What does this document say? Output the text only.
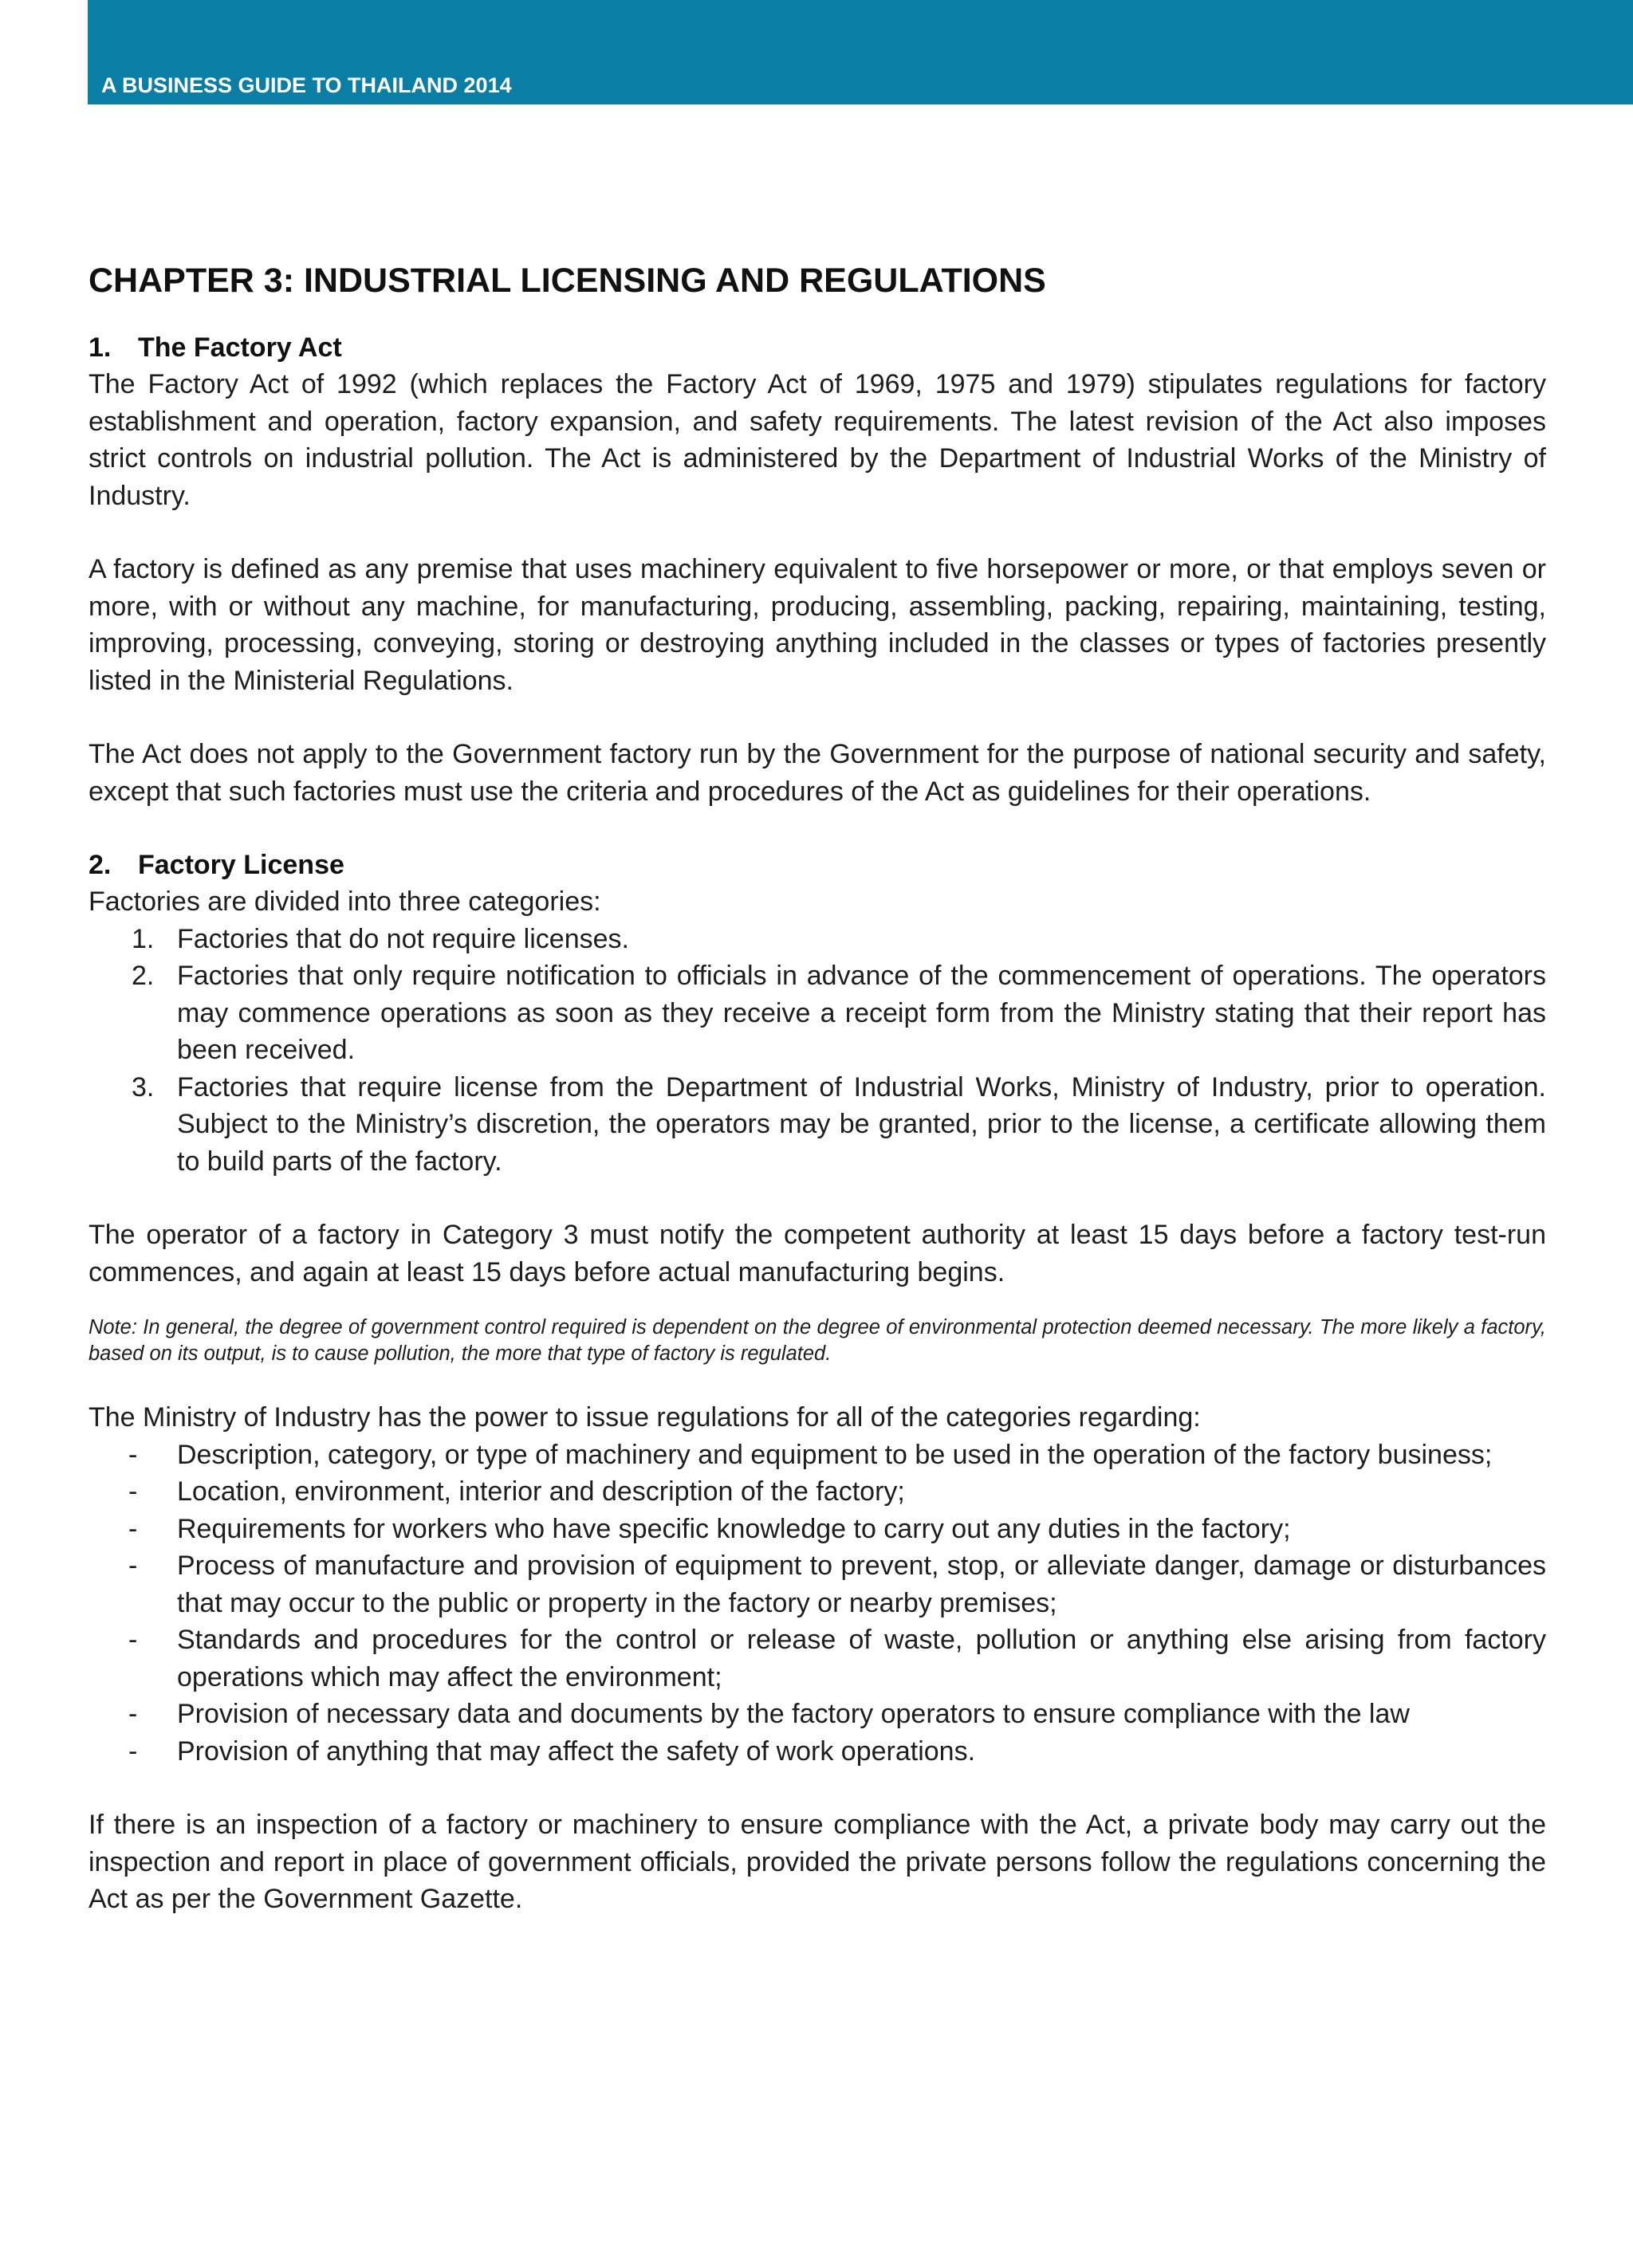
54 A BUSINESS GUIDE TO THAILAND 2014
CHAPTER 3: INDUSTRIAL LICENSING AND REGULATIONS
1. The Factory Act

The Factory Act of 1992 (which replaces the Factory Act of 1969, 1975 and 1979) stipulates regulations for factory establishment and operation, factory expansion, and safety requirements. The latest revision of the Act also imposes strict controls on industrial pollution. The Act is administered by the Department of Industrial Works of the Ministry of Industry.

A factory is defined as any premise that uses machinery equivalent to five horsepower or more, or that employs seven or more, with or without any machine, for manufacturing, producing, assembling, packing, repairing, maintaining, testing, improving, processing, conveying, storing or destroying anything included in the classes or types of factories presently listed in the Ministerial Regulations.

The Act does not apply to the Government factory run by the Government for the purpose of national security and safety, except that such factories must use the criteria and procedures of the Act as guidelines for their operations.

2. Factory License

Factories are divided into three categories:

1. Factories that do not require licenses.
2. Factories that only require notification to officials in advance of the commencement of operations. The operators may commence operations as soon as they receive a receipt form from the Ministry stating that their report has been received.
3. Factories that require license from the Department of Industrial Works, Ministry of Industry, prior to operation. Subject to the Ministry’s discretion, the operators may be granted, prior to the license, a certificate allowing them to build parts of the factory.

The operator of a factory in Category 3 must notify the competent authority at least 15 days before a factory test-run commences, and again at least 15 days before actual manufacturing begins.

Note: In general, the degree of government control required is dependent on the degree of environmental protection deemed necessary. The more likely a factory, based on its output, is to cause pollution, the more that type of factory is regulated.

The Ministry of Industry has the power to issue regulations for all of the categories regarding:

- Description, category, or type of machinery and equipment to be used in the operation of the factory business;
- Location, environment, interior and description of the factory;
- Requirements for workers who have specific knowledge to carry out any duties in the factory;
- Process of manufacture and provision of equipment to prevent, stop, or alleviate danger, damage or disturbances that may occur to the public or property in the factory or nearby premises;
- Standards and procedures for the control or release of waste, pollution or anything else arising from factory operations which may affect the environment;
- Provision of necessary data and documents by the factory operators to ensure compliance with the law
- Provision of anything that may affect the safety of work operations.

If there is an inspection of a factory or machinery to ensure compliance with the Act, a private body may carry out the inspection and report in place of government officials, provided the private persons follow the regulations concerning the Act as per the Government Gazette.
